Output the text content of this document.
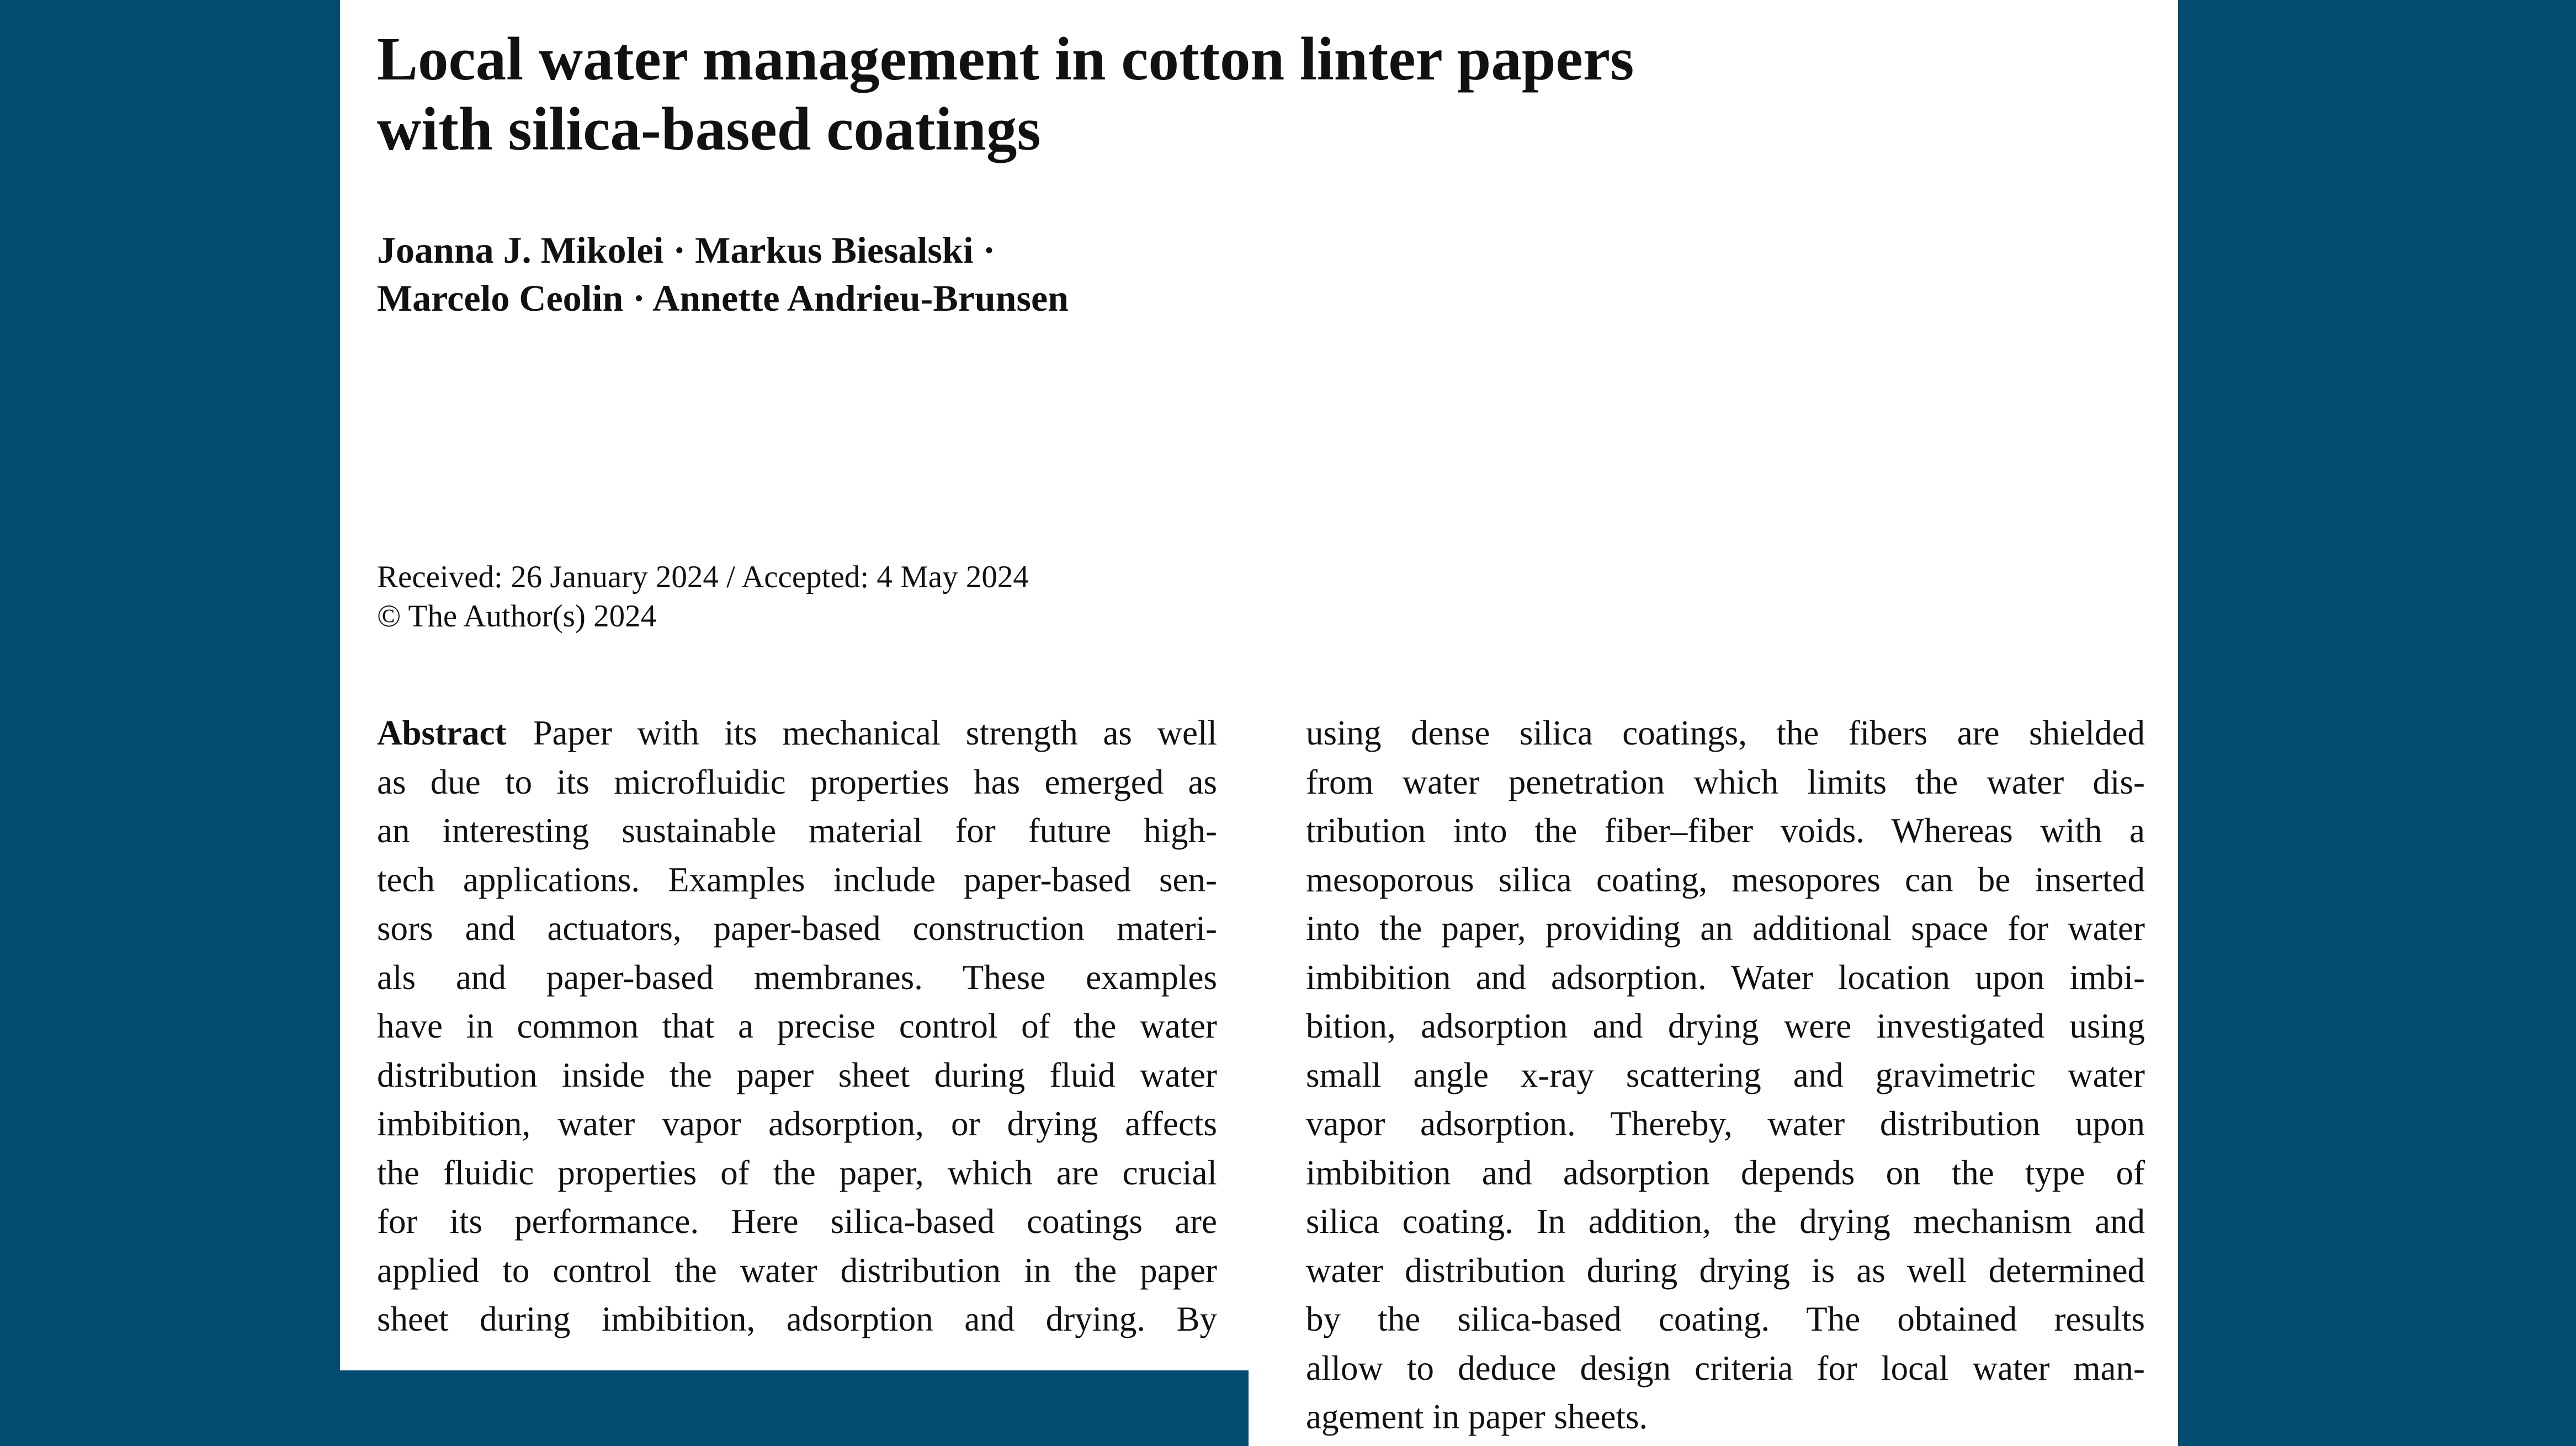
Local water management in cotton linter papers
with silica-based coatings
Joanna J. Mikolei · Markus Biesalski ·
Marcelo Ceolin · Annette Andrieu-Brunsen
Received: 26 January 2024 / Accepted: 4 May 2024
© The Author(s) 2024
Abstract Paper with its mechanical strength as well
as due to its microfluidic properties has emerged as
an interesting sustainable material for future high-
tech applications. Examples include paper-based sen-
sors and actuators, paper-based construction materi-
als and paper-based membranes. These examples
have in common that a precise control of the water
distribution inside the paper sheet during fluid water
imbibition, water vapor adsorption, or drying affects
the fluidic properties of the paper, which are crucial
for its performance. Here silica-based coatings are
applied to control the water distribution in the paper
sheet during imbibition, adsorption and drying. By
using dense silica coatings, the fibers are shielded
from water penetration which limits the water dis-
tribution into the fiber–fiber voids. Whereas with a
mesoporous silica coating, mesopores can be inserted
into the paper, providing an additional space for water
imbibition and adsorption. Water location upon imbi-
bition, adsorption and drying were investigated using
small angle x-ray scattering and gravimetric water
vapor adsorption. Thereby, water distribution upon
imbibition and adsorption depends on the type of
silica coating. In addition, the drying mechanism and
water distribution during drying is as well determined
by the silica-based coating. The obtained results
allow to deduce design criteria for local water man-
agement in paper sheets.
